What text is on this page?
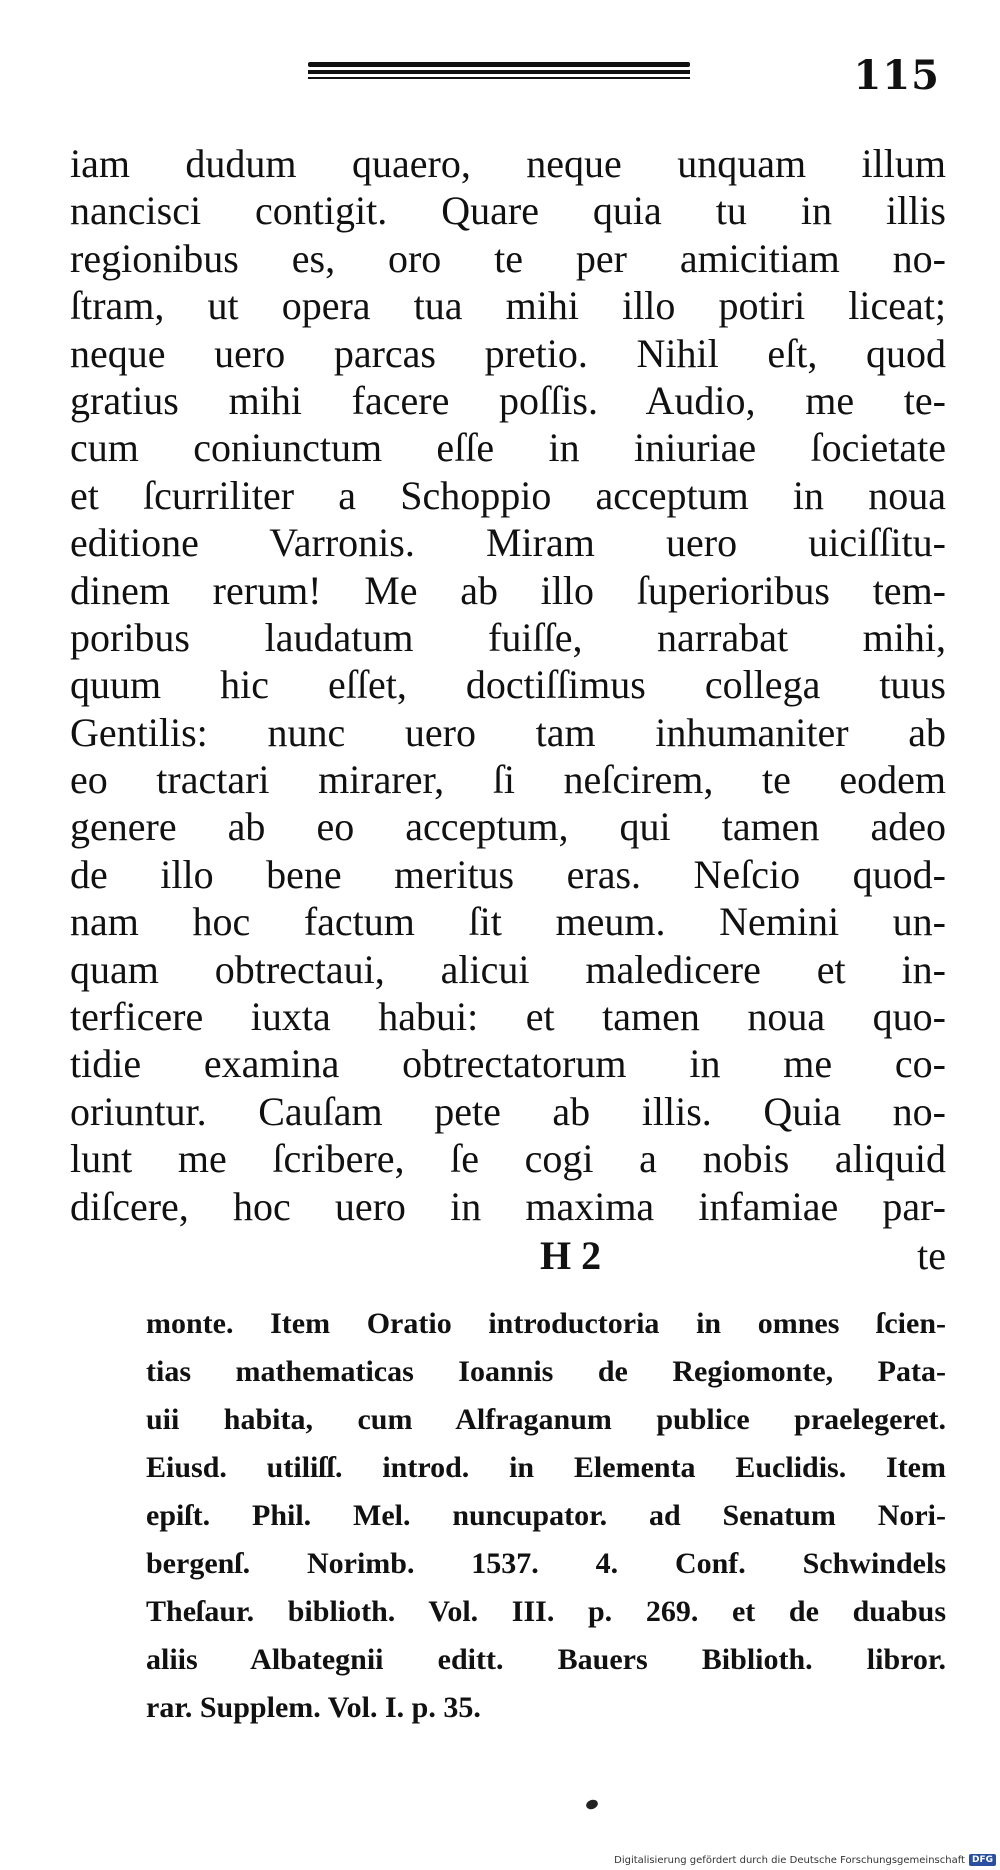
115
iam dudum quaero, neque unquam illum
nancisci contigit. Quare quia tu in illis
regionibus es, oro te per amicitiam no-
ſtram, ut opera tua mihi illo potiri liceat;
neque uero parcas pretio. Nihil eſt, quod
gratius mihi facere poſſis. Audio, me te-
cum coniunctum eſſe in iniuriae ſocietate
et ſcurriliter a Schoppio acceptum in noua
editione Varronis. Miram uero uiciſſitu-
dinem rerum! Me ab illo ſuperioribus tem-
poribus laudatum fuiſſe, narrabat mihi,
quum hic eſſet, doctiſſimus collega tuus
Gentilis: nunc uero tam inhumaniter ab
eo tractari mirarer, ſi neſcirem, te eodem
genere ab eo acceptum, qui tamen adeo
de illo bene meritus eras. Neſcio quod-
nam hoc factum ſit meum. Nemini un-
quam obtrectaui, alicui maledicere et in-
terficere iuxta habui: et tamen noua quo-
tidie examina obtrectatorum in me co-
oriuntur. Cauſam pete ab illis. Quia no-
lunt me ſcribere, ſe cogi a nobis aliquid
diſcere, hoc uero in maxima infamiae par-
H 2	te
monte. Item Oratio introductoria in omnes ſcien-
tias mathematicas Ioannis de Regiomonte, Pata-
uii habita, cum Alfraganum publice praelegeret.
Eiusd. utiliſſ. introd. in Elementa Euclidis. Item
epiſt. Phil. Mel. nuncupator. ad Senatum Nori-
bergenſ. Norimb. 1537. 4. Conf. Schwindels
Theſaur. biblioth. Vol. III. p. 269. et de duabus
aliis Albategnii editt. Bauers Biblioth. libror.
rar. Supplem. Vol. I. p. 35.
Digitalisierung gefördert durch die Deutsche Forschungsgemeinschaft DFG
